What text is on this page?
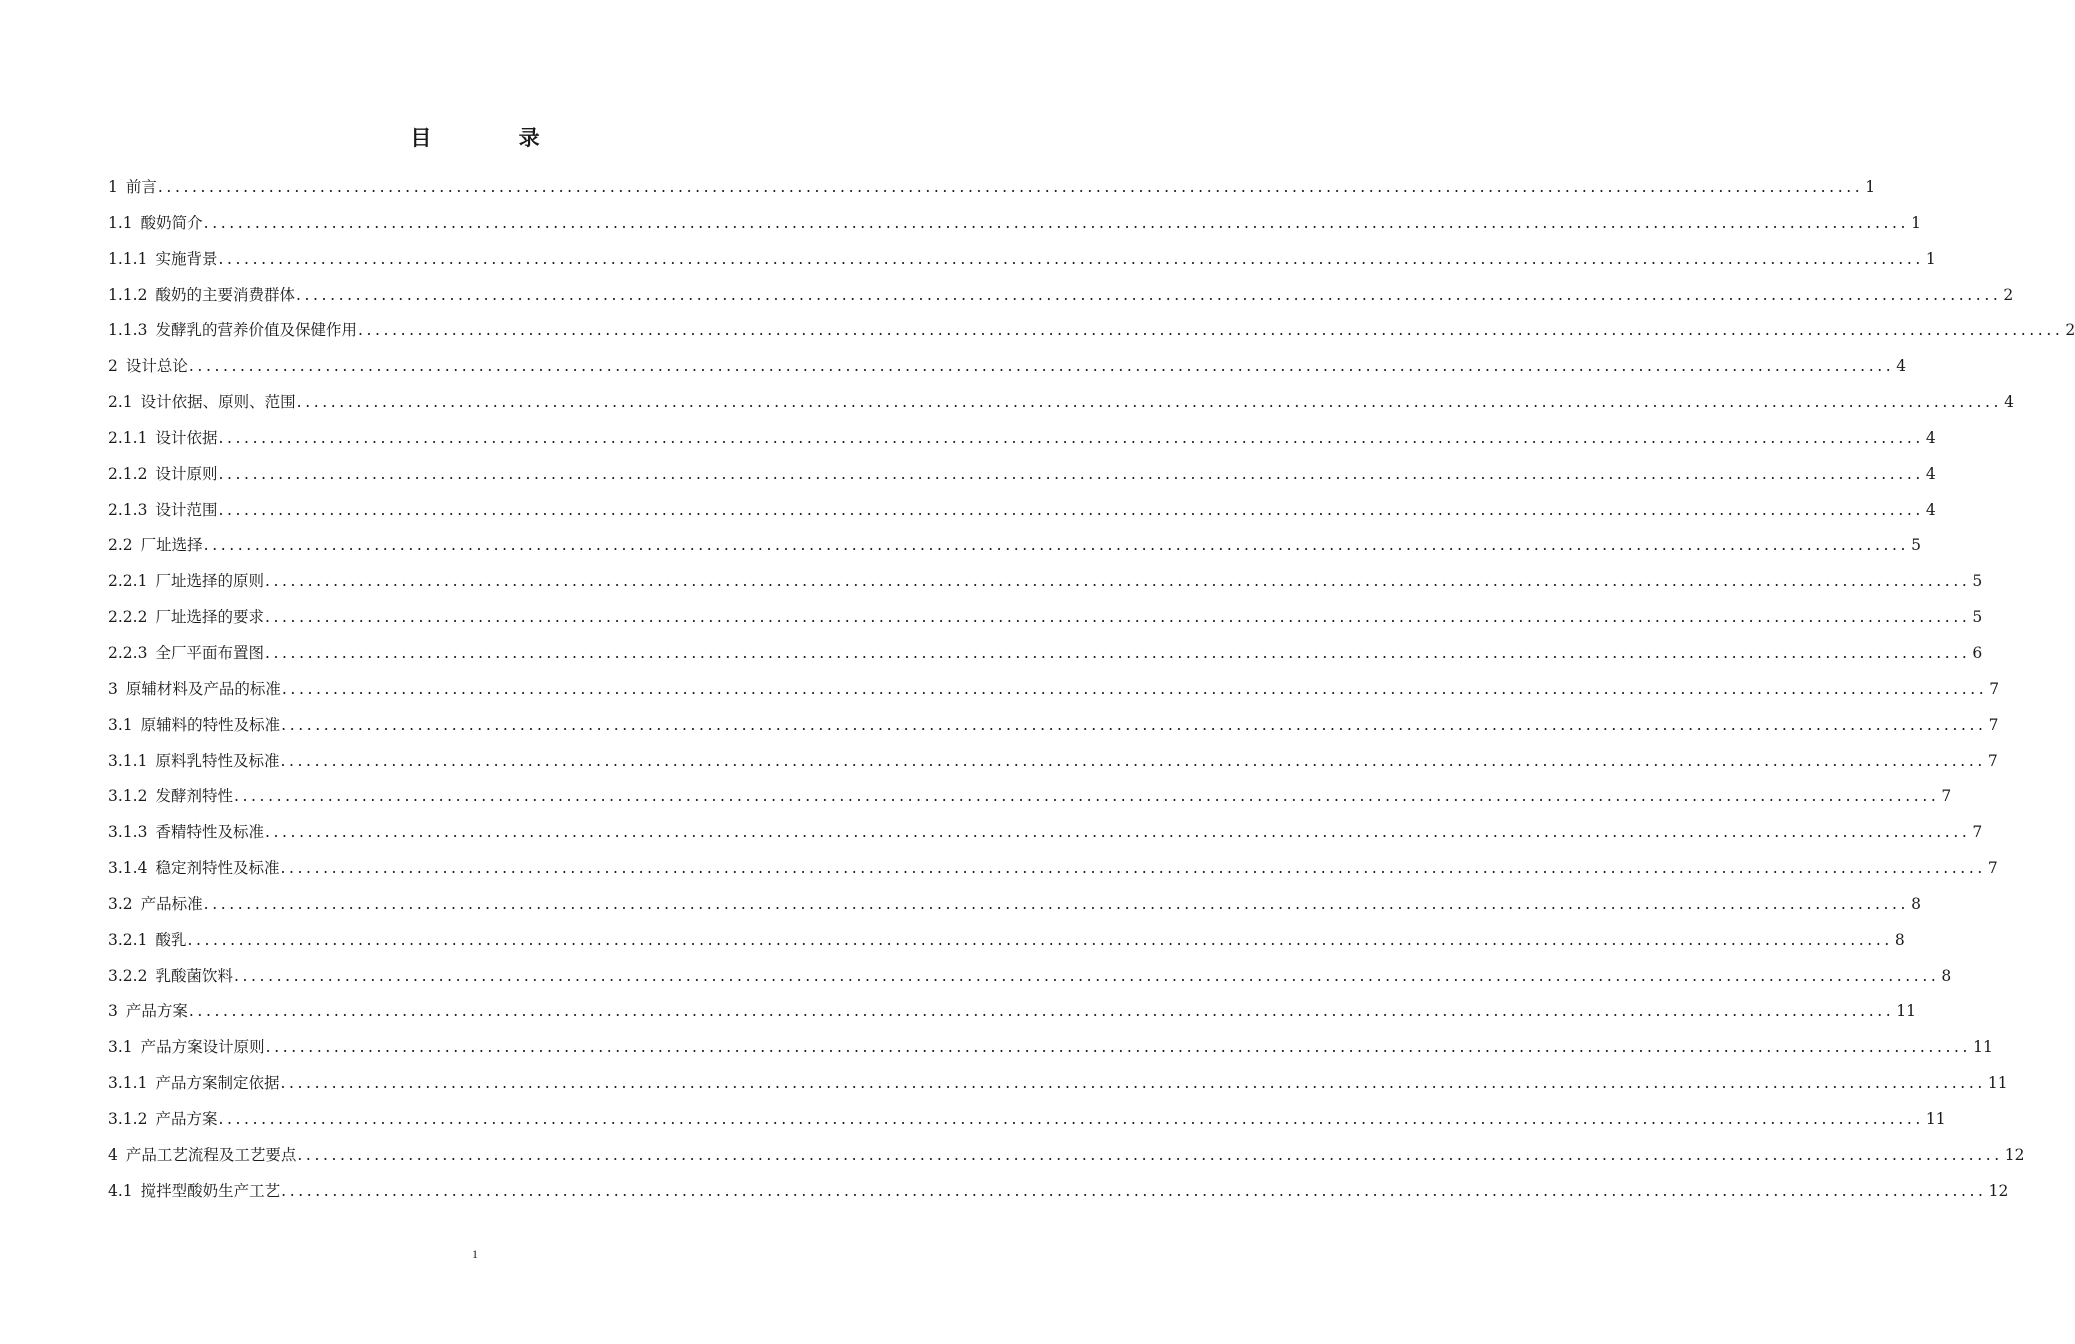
目 录
1 前言 ........................................................................................................................................................................................................ 1
1.1 酸奶简介 ........................................................................................................................................................................................................ 1
1.1.1 实施背景 ........................................................................................................................................................................................................ 1
1.1.2 酸奶的主要消费群体 ........................................................................................................................................................................................................ 2
1.1.3 发酵乳的营养价值及保健作用 ........................................................................................................................................................................................................ 2
2 设计总论 ........................................................................................................................................................................................................ 4
2.1 设计依据、原则、范围 ........................................................................................................................................................................................................ 4
2.1.1 设计依据 ........................................................................................................................................................................................................ 4
2.1.2 设计原则 ........................................................................................................................................................................................................ 4
2.1.3 设计范围 ........................................................................................................................................................................................................ 4
2.2 厂址选择 ........................................................................................................................................................................................................ 5
2.2.1 厂址选择的原则 ........................................................................................................................................................................................................ 5
2.2.2 厂址选择的要求 ........................................................................................................................................................................................................ 5
2.2.3 全厂平面布置图 ........................................................................................................................................................................................................ 6
3 原辅材料及产品的标准 ........................................................................................................................................................................................................ 7
3.1 原辅料的特性及标准 ........................................................................................................................................................................................................ 7
3.1.1 原料乳特性及标准 ........................................................................................................................................................................................................ 7
3.1.2 发酵剂特性 ........................................................................................................................................................................................................ 7
3.1.3 香精特性及标准 ........................................................................................................................................................................................................ 7
3.1.4 稳定剂特性及标准 ........................................................................................................................................................................................................ 7
3.2 产品标准 ........................................................................................................................................................................................................ 8
3.2.1 酸乳 ........................................................................................................................................................................................................ 8
3.2.2 乳酸菌饮料 ........................................................................................................................................................................................................ 8
3 产品方案 ........................................................................................................................................................................................................ 11
3.1 产品方案设计原则 ........................................................................................................................................................................................................ 11
3.1.1 产品方案制定依据 ........................................................................................................................................................................................................ 11
3.1.2 产品方案 ........................................................................................................................................................................................................ 11
4 产品工艺流程及工艺要点 ........................................................................................................................................................................................................ 12
4.1 搅拌型酸奶生产工艺 ........................................................................................................................................................................................................ 12
1
